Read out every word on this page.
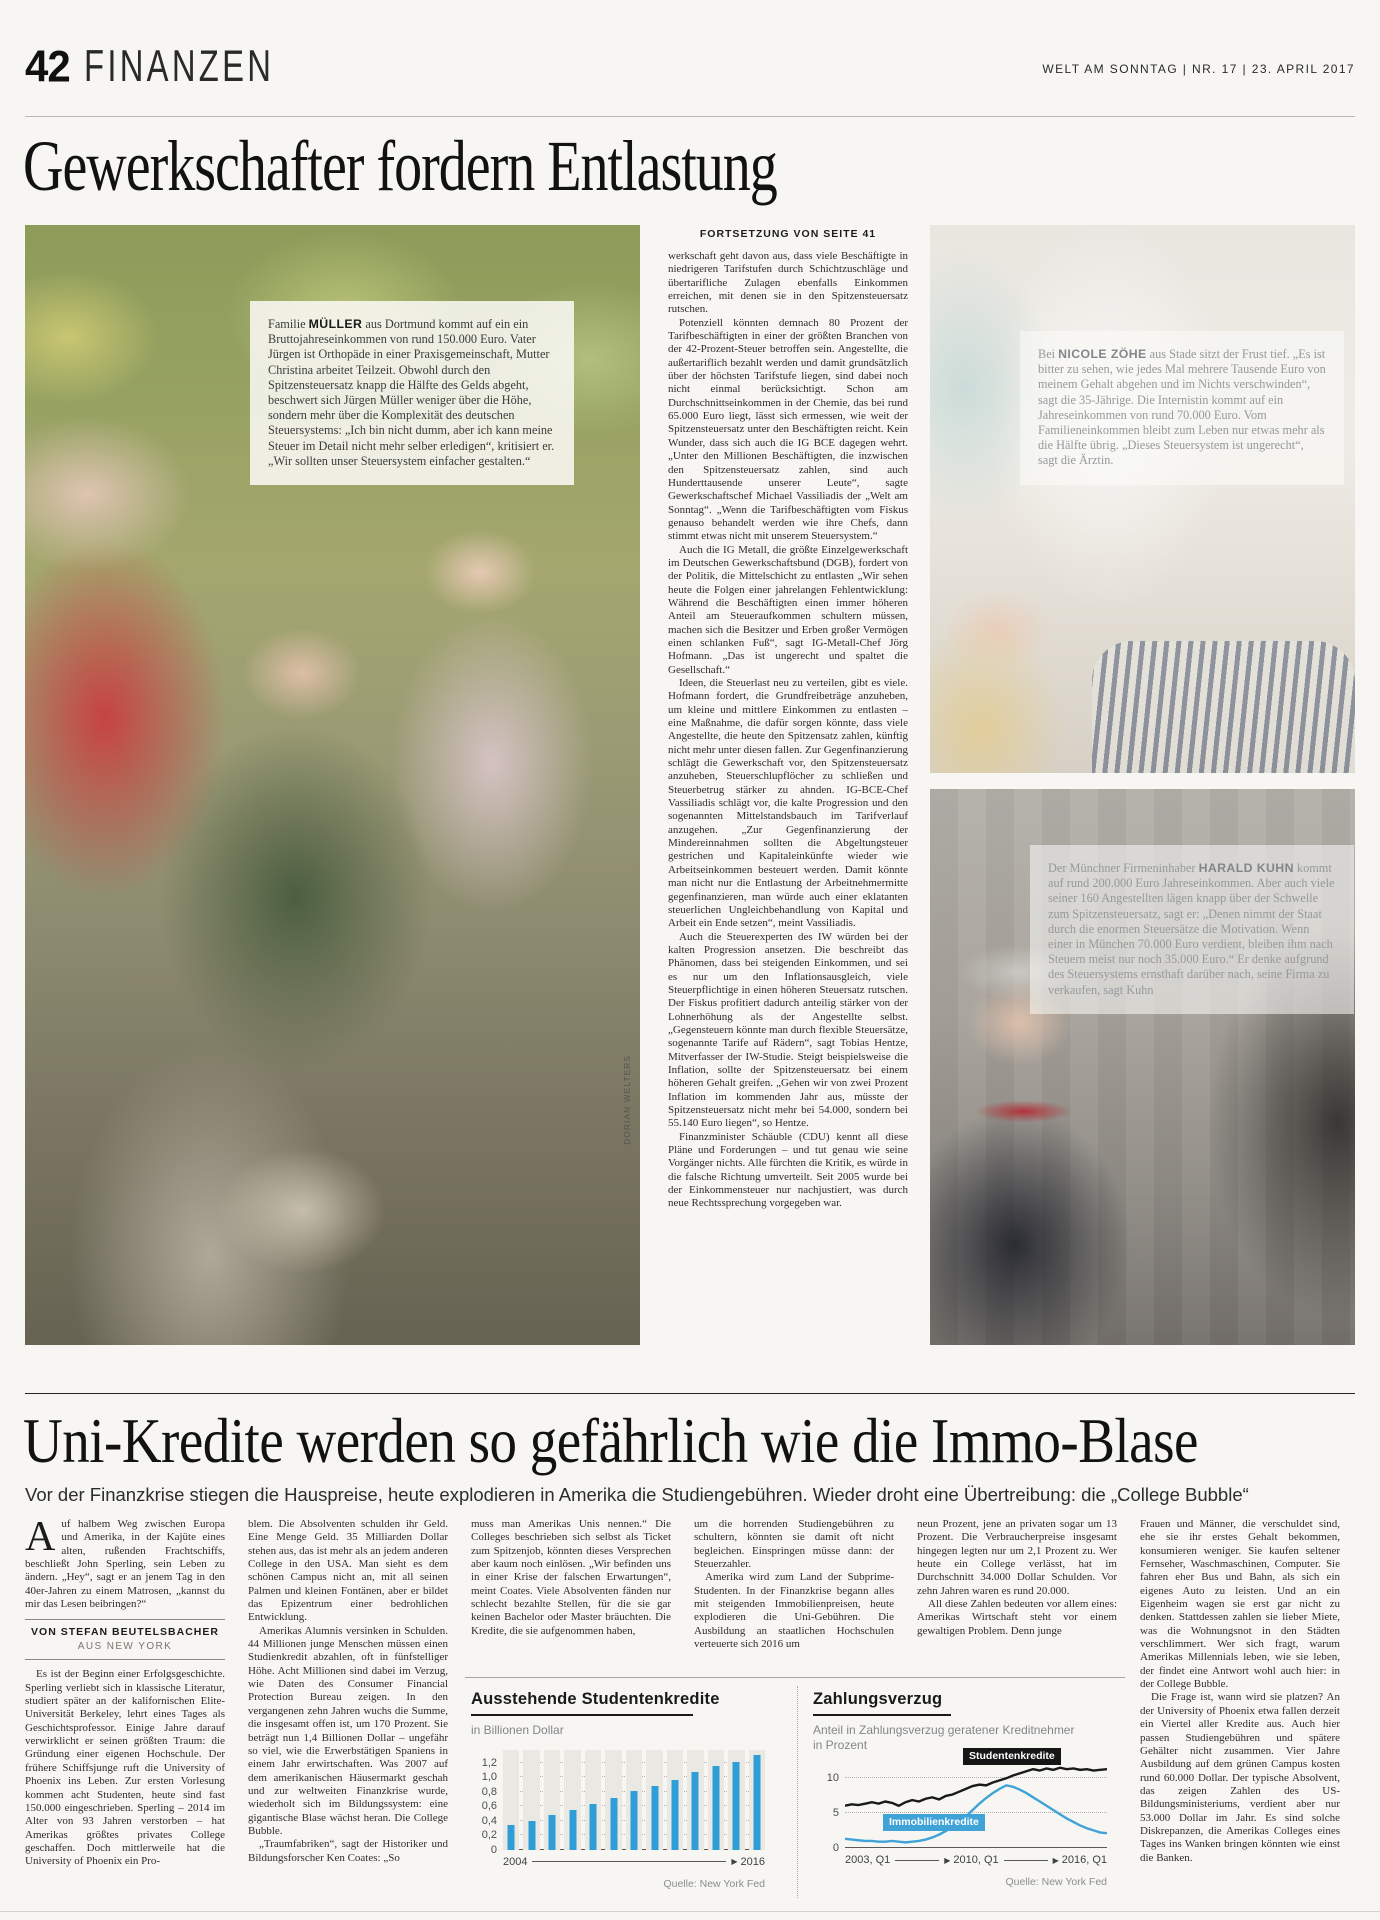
42 FINANZEN	WELT AM SONNTAG | NR. 17 | 23. APRIL 2017
Gewerkschafter fordern Entlastung
Familie MÜLLER aus Dortmund kommt auf ein ein Bruttojahreseinkommen von rund 150.000 Euro. Vater Jürgen ist Orthopäde in einer Praxisgemeinschaft, Mutter Christina arbeitet Teilzeit. Obwohl durch den Spitzensteuersatz knapp die Hälfte des Gelds abgeht, beschwert sich Jürgen Müller weniger über die Höhe, sondern mehr über die Komplexität des deutschen Steuersystems: „Ich bin nicht dumm, aber ich kann meine Steuer im Detail nicht mehr selber erledigen“, kritisiert er. „Wir sollten unser Steuersystem einfacher gestalten.“
DORIAN WELTERS
FORTSETZUNG VON SEITE 41

werkschaft geht davon aus, dass viele Beschäftigte in niedrigeren Tarifstufen durch Schichtzuschläge und übertarifliche Zulagen ebenfalls Einkommen erreichen, mit denen sie in den Spitzensteuersatz rutschen.

Potenziell könnten demnach 80 Prozent der Tarifbeschäftigten in einer der größten Branchen von der 42-Prozent-Steuer betroffen sein. Angestellte, die außertariflich bezahlt werden und damit grundsätzlich über der höchsten Tarifstufe liegen, sind dabei noch nicht einmal berücksichtigt. Schon am Durchschnittseinkommen in der Chemie, das bei rund 65.000 Euro liegt, lässt sich ermessen, wie weit der Spitzensteuersatz unter den Beschäftigten reicht. Kein Wunder, dass sich auch die IG BCE dagegen wehrt. „Unter den Millionen Beschäftigten, die inzwischen den Spitzensteuersatz zahlen, sind auch Hunderttausende unserer Leute“, sagte Gewerkschaftschef Michael Vassiliadis der „Welt am Sonntag“. „Wenn die Tarifbeschäftigten vom Fiskus genauso behandelt werden wie ihre Chefs, dann stimmt etwas nicht mit unserem Steuersystem.“

Auch die IG Metall, die größte Einzelgewerkschaft im Deutschen Gewerkschaftsbund (DGB), fordert von der Politik, die Mittelschicht zu entlasten „Wir sehen heute die Folgen einer jahrelangen Fehlentwicklung: Während die Beschäftigten einen immer höheren Anteil am Steueraufkommen schultern müssen, machen sich die Besitzer und Erben großer Vermögen einen schlanken Fuß“, sagt IG-Metall-Chef Jörg Hofmann. „Das ist ungerecht und spaltet die Gesellschaft.“

Ideen, die Steuerlast neu zu verteilen, gibt es viele. Hofmann fordert, die Grundfreibeträge anzuheben, um kleine und mittlere Einkommen zu entlasten – eine Maßnahme, die dafür sorgen könnte, dass viele Angestellte, die heute den Spitzensatz zahlen, künftig nicht mehr unter diesen fallen. Zur Gegenfinanzierung schlägt die Gewerkschaft vor, den Spitzensteuersatz anzuheben, Steuerschlupflöcher zu schließen und Steuerbetrug stärker zu ahnden. IG-BCE-Chef Vassiliadis schlägt vor, die kalte Progression und den sogenannten Mittelstandsbauch im Tarifverlauf anzugehen. „Zur Gegenfinanzierung der Mindereinnahmen sollten die Abgeltungsteuer gestrichen und Kapitaleinkünfte wieder wie Arbeitseinkommen besteuert werden. Damit könnte man nicht nur die Entlastung der Arbeitnehmermitte gegenfinanzieren, man würde auch einer eklatanten steuerlichen Ungleichbehandlung von Kapital und Arbeit ein Ende setzen“, meint Vassiliadis.

Auch die Steuerexperten des IW würden bei der kalten Progression ansetzen. Die beschreibt das Phänomen, dass bei steigenden Einkommen, und sei es nur um den Inflationsausgleich, viele Steuerpflichtige in einen höheren Steuersatz rutschen. Der Fiskus profitiert dadurch anteilig stärker von der Lohnerhöhung als der Angestellte selbst. „Gegensteuern könnte man durch flexible Steuersätze, sogenannte Tarife auf Rädern“, sagt Tobias Hentze, Mitverfasser der IW-Studie. Steigt beispielsweise die Inflation, sollte der Spitzensteuersatz bei einem höheren Gehalt greifen. „Gehen wir von zwei Prozent Inflation im kommenden Jahr aus, müsste der Spitzensteuersatz nicht mehr bei 54.000, sondern bei 55.140 Euro liegen“, so Hentze.

Finanzminister Schäuble (CDU) kennt all diese Pläne und Forderungen – und tut genau wie seine Vorgänger nichts. Alle fürchten die Kritik, es würde in die falsche Richtung umverteilt. Seit 2005 wurde bei der Einkommensteuer nur nachjustiert, was durch neue Rechtssprechung vorgegeben war.

Bei NICOLE ZÖHE aus Stade sitzt der Frust tief. „Es ist bitter zu sehen, wie jedes Mal mehrere Tausende Euro von meinem Gehalt abgehen und im Nichts verschwinden“, sagt die 35-Jährige. Die Internistin kommt auf ein Jahreseinkommen von rund 70.000 Euro. Vom Familieneinkommen bleibt zum Leben nur etwas mehr als die Hälfte übrig. „Dieses Steuersystem ist ungerecht“, sagt die Ärztin.
Der Münchner Firmeninhaber HARALD KUHN kommt auf rund 200.000 Euro Jahreseinkommen. Aber auch viele seiner 160 Angestellten lägen knapp über der Schwelle zum Spitzensteuersatz, sagt er: „Denen nimmt der Staat durch die enormen Steuersätze die Motivation. Wenn einer in München 70.000 Euro verdient, bleiben ihm nach Steuern meist nur noch 35.000 Euro.“ Er denke aufgrund des Steuersystems ernsthaft darüber nach, seine Firma zu verkaufen, sagt Kuhn
Uni-Kredite werden so gefährlich wie die Immo-Blase
Vor der Finanzkrise stiegen die Hauspreise, heute explodieren in Amerika die Studiengebühren. Wieder droht eine Übertreibung: die „College Bubble“

Auf halbem Weg zwischen Europa und Amerika, in der Kajüte eines alten, rußenden Frachtschiffs, beschließt John Sperling, sein Leben zu ändern. „Hey“, sagt er an jenem Tag in den 40er-Jahren zu einem Matrosen, „kannst du mir das Lesen beibringen?“

VON STEFAN BEUTELSBACHER
AUS NEW YORK

Es ist der Beginn einer Erfolgsgeschichte. Sperling verliebt sich in klassische Literatur, studiert später an der kalifornischen Elite-Universität Berkeley, lehrt eines Tages als Geschichtsprofessor. Einige Jahre darauf verwirklicht er seinen größten Traum: die Gründung einer eigenen Hochschule. Der frühere Schiffsjunge ruft die University of Phoenix ins Leben. Zur ersten Vorlesung kommen acht Studenten, heute sind fast 150.000 eingeschrieben. Sperling – 2014 im Alter von 93 Jahren verstorben – hat Amerikas größtes privates College geschaffen. Doch mittlerweile hat die University of Phoenix ein Pro-

blem. Die Absolventen schulden ihr Geld. Eine Menge Geld. 35 Milliarden Dollar stehen aus, das ist mehr als an jedem anderen College in den USA. Man sieht es dem schönen Campus nicht an, mit all seinen Palmen und kleinen Fontänen, aber er bildet das Epizentrum einer bedrohlichen Entwicklung.

Amerikas Alumnis versinken in Schulden. 44 Millionen junge Menschen müssen einen Studienkredit abzahlen, oft in fünfstelliger Höhe. Acht Millionen sind dabei im Verzug, wie Daten des Consumer Financial Protection Bureau zeigen. In den vergangenen zehn Jahren wuchs die Summe, die insgesamt offen ist, um 170 Prozent. Sie beträgt nun 1,4 Billionen Dollar – ungefähr so viel, wie die Erwerbstätigen Spaniens in einem Jahr erwirtschaften. Was 2007 auf dem amerikanischen Häusermarkt geschah und zur weltweiten Finanzkrise wurde, wiederholt sich im Bildungssystem: eine gigantische Blase wächst heran. Die College Bubble.

„Traumfabriken“, sagt der Historiker und Bildungsforscher Ken Coates: „So

muss man Amerikas Unis nennen.“ Die Colleges beschrieben sich selbst als Ticket zum Spitzenjob, könnten dieses Versprechen aber kaum noch einlösen. „Wir befinden uns in einer Krise der falschen Erwartungen“, meint Coates. Viele Absolventen fänden nur schlecht bezahlte Stellen, für die sie gar keinen Bachelor oder Master bräuchten. Die Kredite, die sie aufgenommen haben,

um die horrenden Studiengebühren zu schultern, könnten sie damit oft nicht begleichen. Einspringen müsse dann: der Steuerzahler.

Amerika wird zum Land der Subprime-Studenten. In der Finanzkrise begann alles mit steigenden Immobilienpreisen, heute explodieren die Uni-Gebühren. Die Ausbildung an staatlichen Hochschulen verteuerte sich 2016 um

neun Prozent, jene an privaten sogar um 13 Prozent. Die Verbraucherpreise insgesamt hingegen legten nur um 2,1 Prozent zu. Wer heute ein College verlässt, hat im Durchschnitt 34.000 Dollar Schulden. Vor zehn Jahren waren es rund 20.000.

All diese Zahlen bedeuten vor allem eines: Amerikas Wirtschaft steht vor einem gewaltigen Problem. Denn junge

Frauen und Männer, die verschuldet sind, ehe sie ihr erstes Gehalt bekommen, konsumieren weniger. Sie kaufen seltener Fernseher, Waschmaschinen, Computer. Sie fahren eher Bus und Bahn, als sich ein eigenes Auto zu leisten. Und an ein Eigenheim wagen sie erst gar nicht zu denken. Stattdessen zahlen sie lieber Miete, was die Wohnungsnot in den Städten verschlimmert. Wer sich fragt, warum Amerikas Millennials leben, wie sie leben, der findet eine Antwort wohl auch hier: in der College Bubble.

Die Frage ist, wann wird sie platzen? An der University of Phoenix etwa fallen derzeit ein Viertel aller Kredite aus. Auch hier passen Studiengebühren und spätere Gehälter nicht zusammen. Vier Jahre Ausbildung auf dem grünen Campus kosten rund 60.000 Dollar. Der typische Absolvent, das zeigen Zahlen des US-Bildungsministeriums, verdient aber nur 53.000 Dollar im Jahr. Es sind solche Diskrepanzen, die Amerikas Colleges eines Tages ins Wanken bringen könnten wie einst die Banken.

Ausstehende Studentenkredite
in Billionen Dollar
0
0,2
0,4
0,6
0,8
1,0
1,2
2004	▶ 2016
Quelle: New York Fed
Zahlungsverzug
Anteil in Zahlungsverzug geratener Kreditnehmer in Prozent
0
5
10
Studentenkredite
Immobilienkredite
2003, Q1	▶ 2010, Q1	▶ 2016, Q1
Quelle: New York Fed
